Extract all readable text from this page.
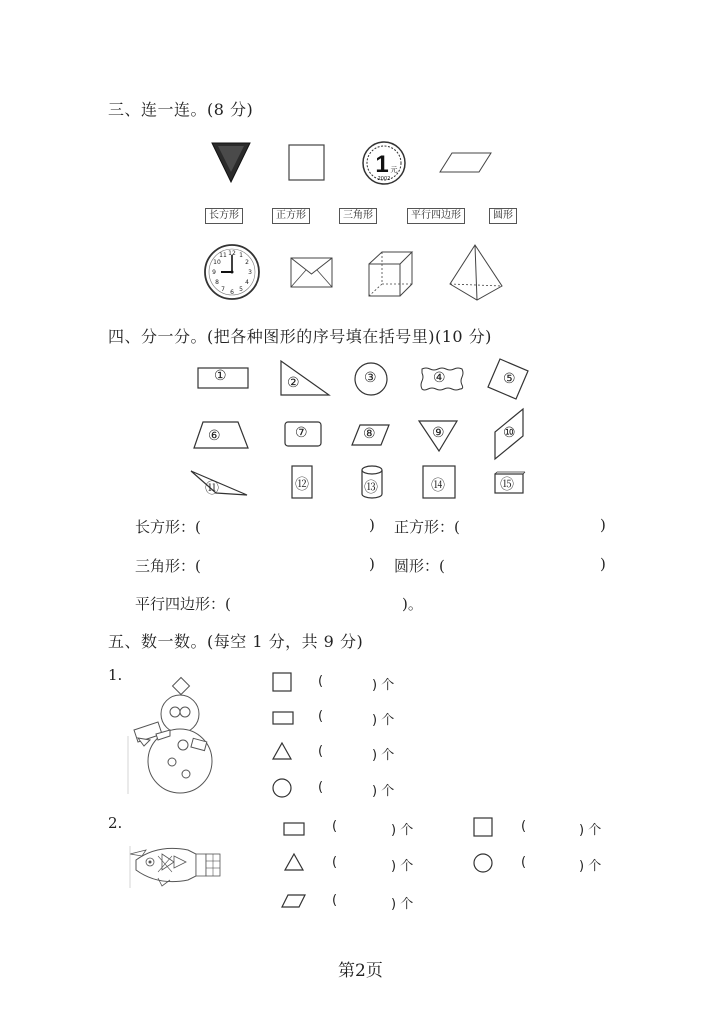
三、连一连。(8 分)
1 元
2002
长方形	正方形	三角形	平行四边形	圆形
12 1
2
3
4
5
6
7
8
9
10
11
四、分一分。(把各种图形的序号填在括号里)(10 分)
①	②	③	④	⑤
⑥	⑦	⑧	⑨	⑩
⑪	⑫	⑬	⑭	⑮
长方形：(	) 正方形：(	)
三角形：(	) 圆形：(	)
平行四边形：(	)。
五、数一数。(每空 1 分，共 9 分)
1.	(	) 个
(	) 个
(	) 个
(	) 个
2.	(	) 个
(	) 个
(	) 个
(	) 个
(	) 个
第2页
